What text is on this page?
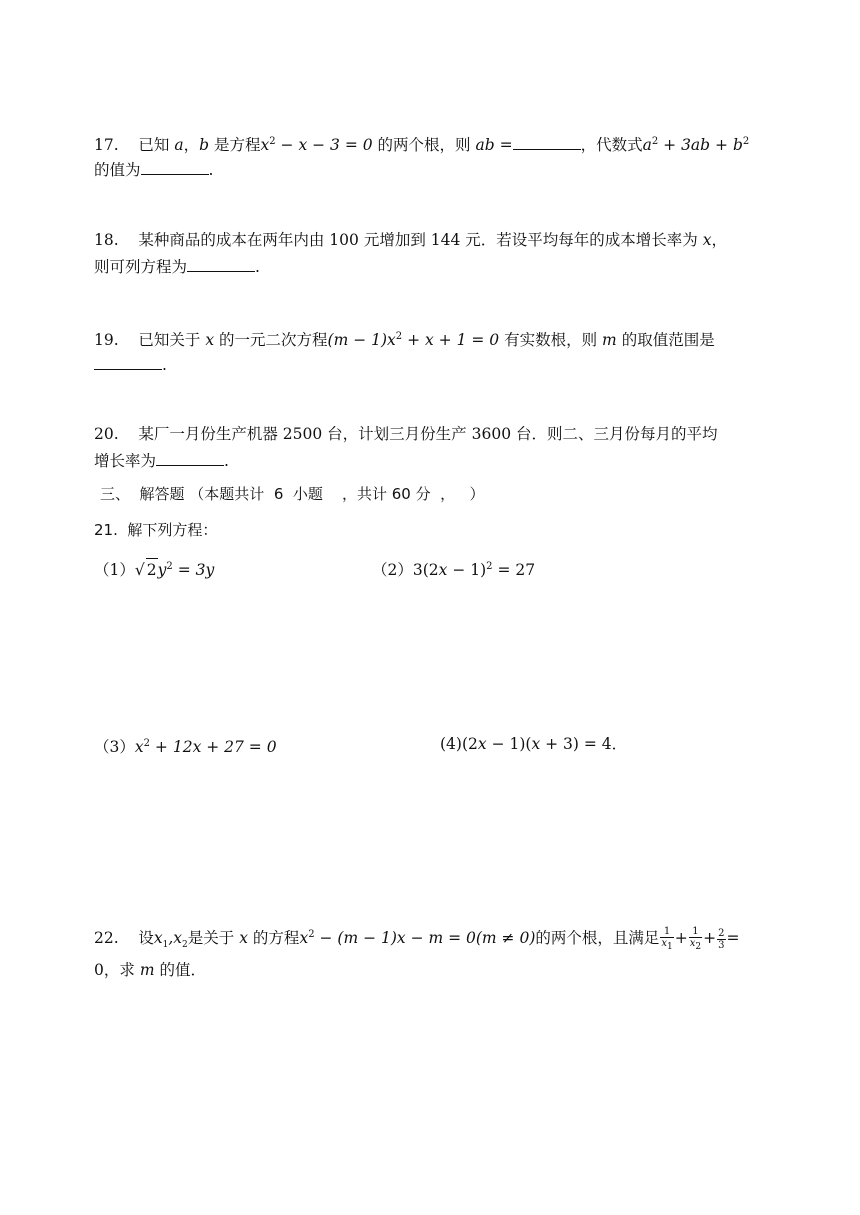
17. 已知 a，b 是方程$x^2 - x - 3 = 0$ 的两个根，则 ab =	，代数式$a^2 + 3ab + b^2$
的值为	.
18. 某种商品的成本在两年内由 100 元增加到 144 元．若设平均每年的成本增长率为 x，
则可列方程为	.
19. 已知关于 x 的一元二次方程$(m - 1)x^2 + x + 1 = 0$ 有实数根，则 m 的取值范围是
.
20. 某厂一月份生产机器 2500 台，计划三月份生产 3600 台．则二、三月份每月的平均
增长率为	.
三、  解答题 （本题共计  6  小题    ，共计 60 分  ，   ）
21.  解下列方程：
（1）√ $2y^2 = 3y$	$(2)3(2x - 1)^2 = 27$
$(3)x^2 + 12x + 27 = 0$	(4)(2x − 1)(x + 3) = 4．
22. 设$x_1,x_2$是关于 x 的方程$x^2 - (m - 1)x - m = 0(m \ne 0)$的两个根，且满足 $\frac{1}{x_1} + \frac{1}{x_2} + \frac{2}{3}$ =
0，求 m 的值．
